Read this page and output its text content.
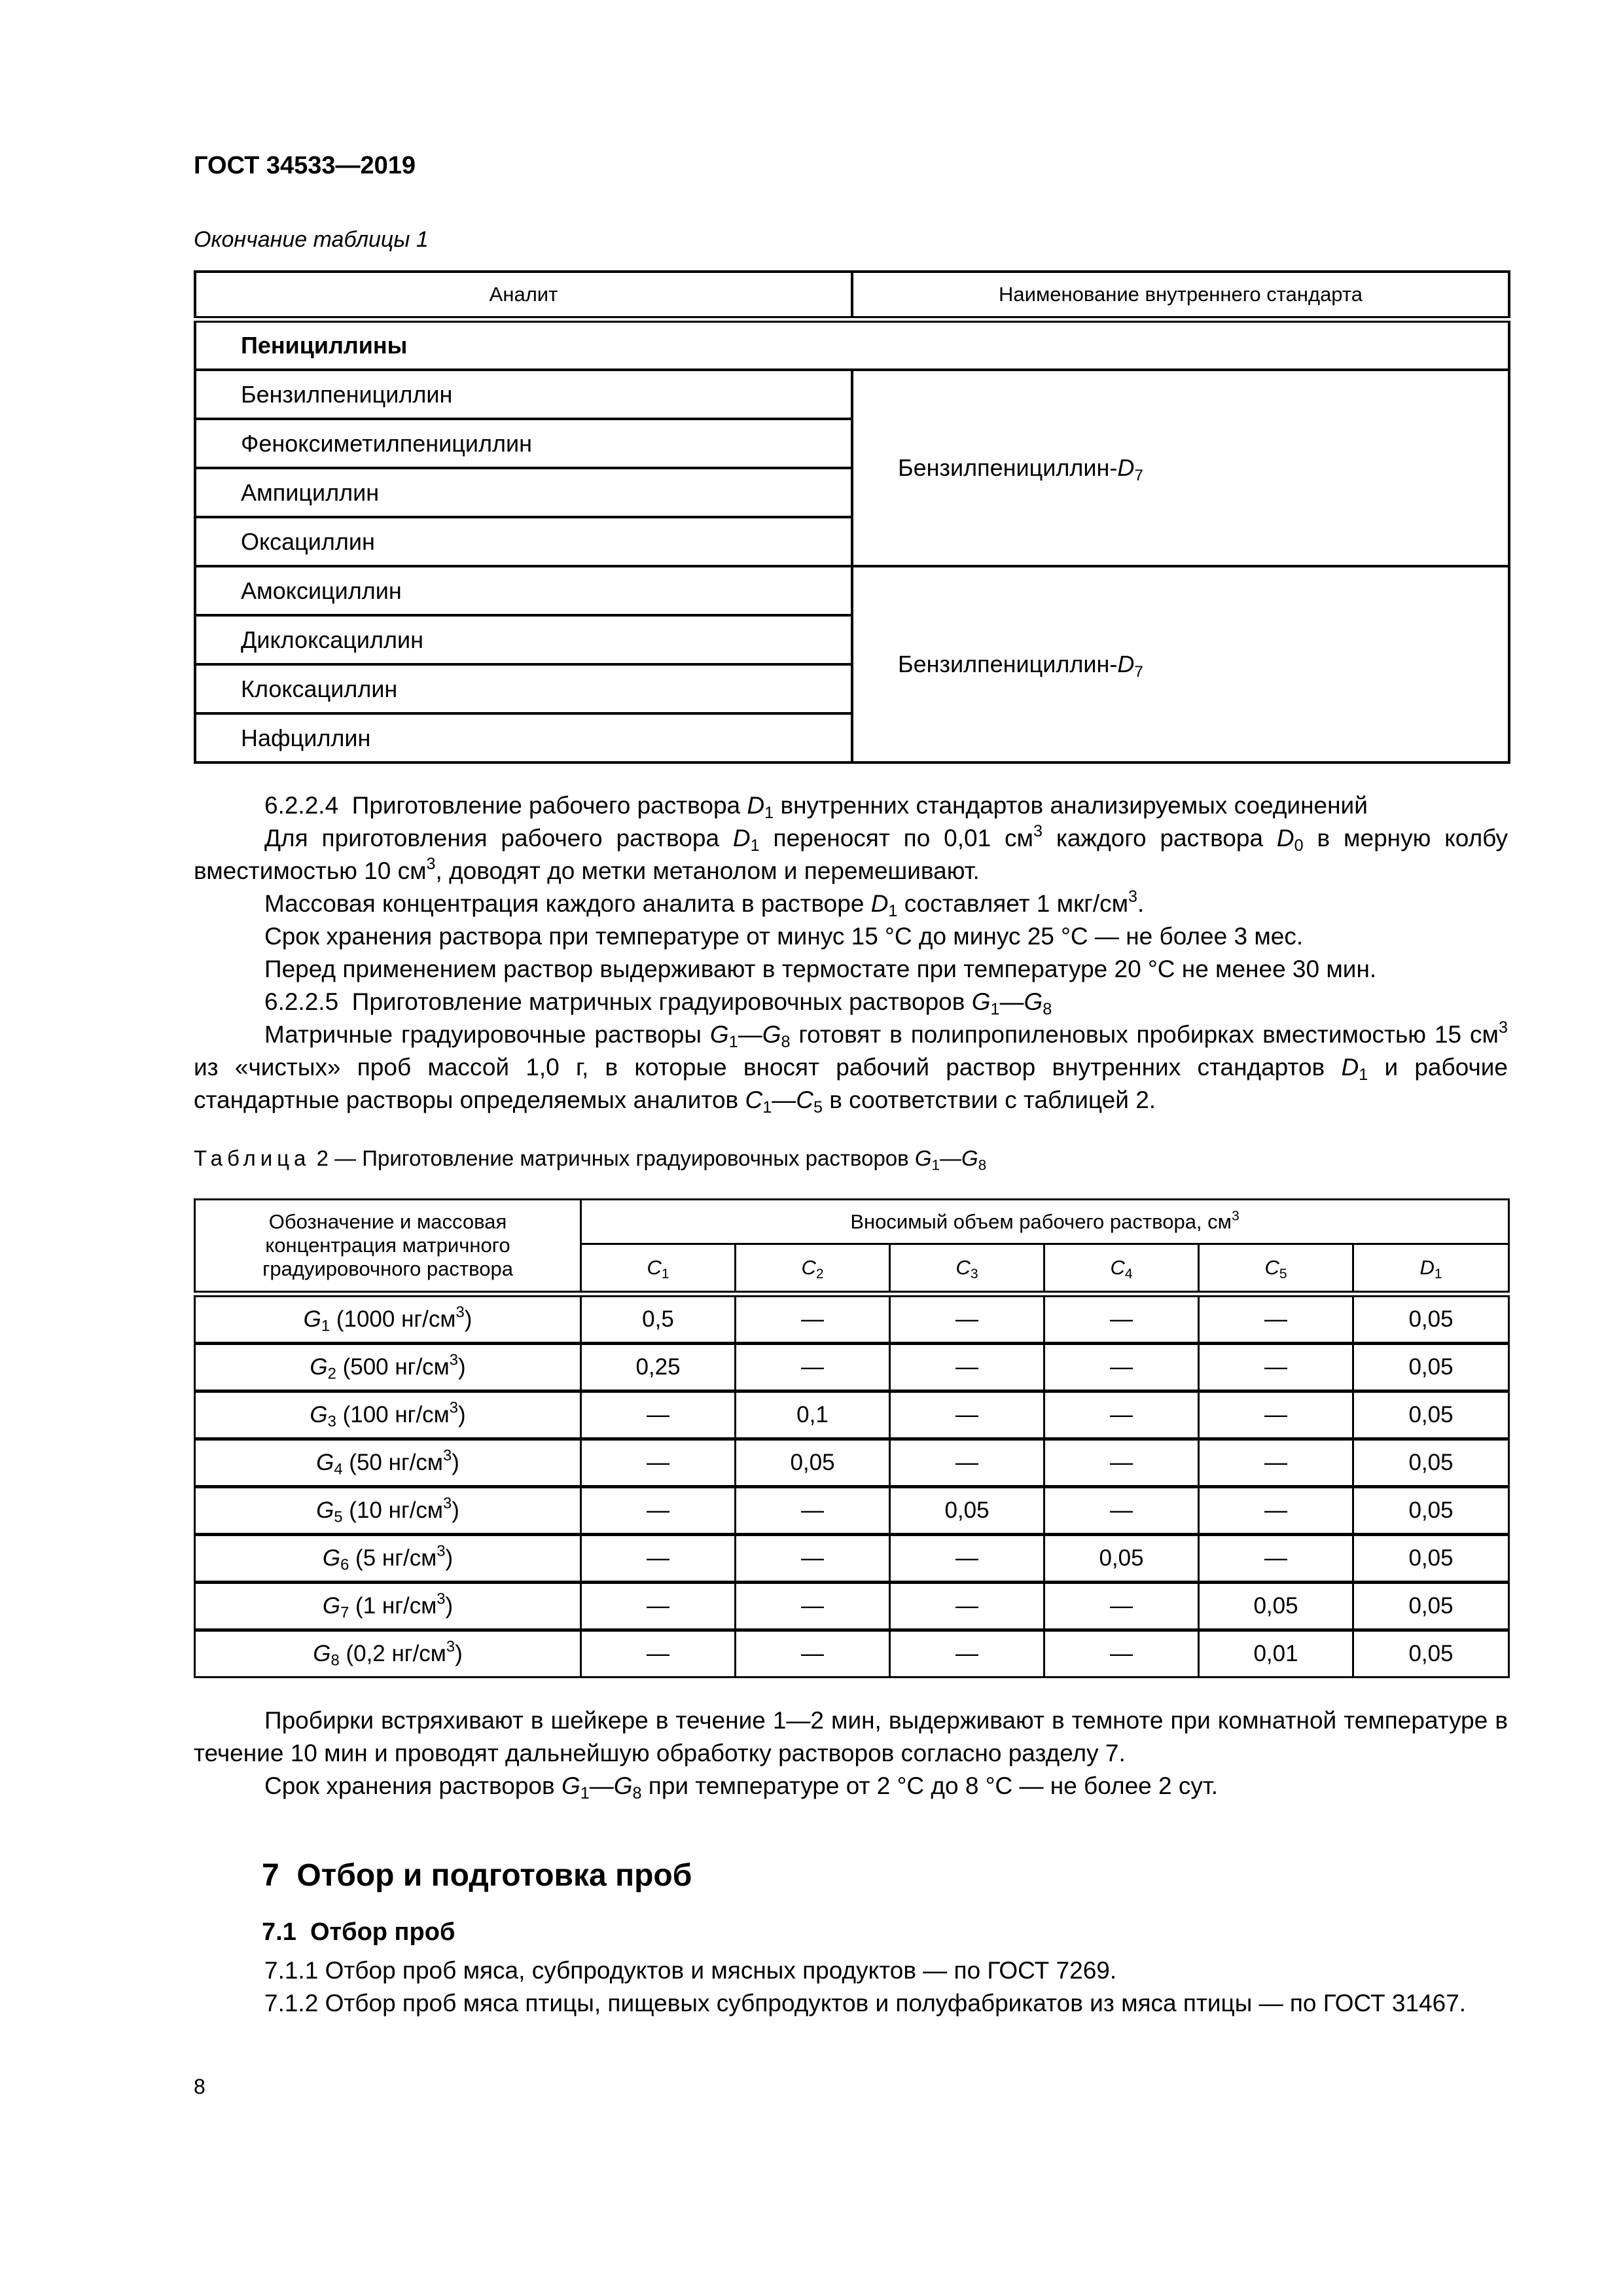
ГОСТ 34533—2019
Окончание таблицы 1
Аналит	Наименование внутреннего стандарта
Пенициллины	
Бензилпенициллин	Бензилпенициллин-$D_7$
Феноксиметилпенициллин	
Ампициллин	
Оксациллин	
Амоксициллин	Бензилпенициллин-$D_7$
Диклоксациллин	
Клоксациллин	
Нафциллин	

6.2.2.4 Приготовление рабочего раствора $D_1$ внутренних стандартов анализируемых соединений

Для приготовления рабочего раствора $D_1$ переносят по 0,01 $см^3$ каждого раствора $D_0$ в мерную колбу вместимостью 10 $см^3$, доводят до метки метанолом и перемешивают.

Массовая концентрация каждого аналита в растворе $D_1$ составляет 1 мкг/$см^3$.

Срок хранения раствора при температуре от минус 15 °С до минус 25 °С — не более 3 мес.

Перед применением раствор выдерживают в термостате при температуре 20 °С не менее 30 мин.

6.2.2.5 Приготовление матричных градуировочных растворов $G_1—G_8$

Матричные градуировочные растворы $G_1—G_8$ готовят в полипропиленовых пробирках вместимостью 15 $см^3$ из «чистых» проб массой 1,0 г, в которые вносят рабочий раствор внутренних стандартов $D_1$ и рабочие стандартные растворы определяемых аналитов $C_1—C_5$ в соответствии с таблицей 2.

Таблица 2 — Приготовление матричных градуировочных растворов $G_1—G_8$
Обозначение и массовая концентрация матричного градуировочного раствора	Вносимый объем рабочего раствора, $см^3$
	$C_1$	$C_2$	$C_3$	$C_4$	$C_5$	$D_1$
$G_1$ (1000 $нг/см^3$)	0,5	—	—	—	—	0,05
$G_2$ (500 $нг/см^3$)	0,25	—	—	—	—	0,05
$G_3$ (100 $нг/см^3$)	—	0,1	—	—	—	0,05
$G_4$ (50 $нг/см^3$)	—	0,05	—	—	—	0,05
$G_5$ (10 $нг/см^3$)	—	—	0,05	—	—	0,05
$G_6$ (5 $нг/см^3$)	—	—	—	0,05	—	0,05
$G_7$ (1 $нг/см^3$)	—	—	—	—	0,05	0,05
$G_8$ (0,2 $нг/см^3$)	—	—	—	—	0,01	0,05

Пробирки встряхивают в шейкере в течение 1—2 мин, выдерживают в темноте при комнатной температуре в течение 10 мин и проводят дальнейшую обработку растворов согласно разделу 7.

Срок хранения растворов $G_1—G_8$ при температуре от 2 °С до 8 °С — не более 2 сут.

7  Отбор и подготовка проб
7.1  Отбор проб

7.1.1 Отбор проб мяса, субпродуктов и мясных продуктов — по ГОСТ 7269.

7.1.2 Отбор проб мяса птицы, пищевых субпродуктов и полуфабрикатов из мяса птицы — по ГОСТ 31467.

8
